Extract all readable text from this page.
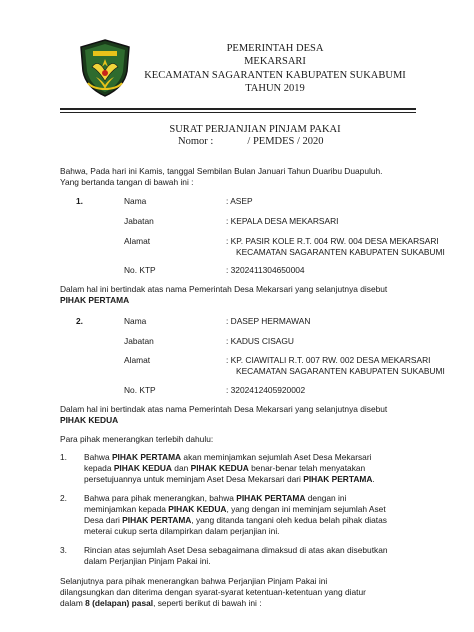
PEMERINTAH DESA
MEKARSARI
KECAMATAN SAGARANTEN KABUPATEN SUKABUMI
TAHUN 2019
SURAT PERJANJIAN PINJAM PAKAI
Nomor :	/ PEMDES / 2020
Bahwa, Pada hari ini Kamis, tanggal Sembilan Bulan Januari Tahun Duaribu Duapuluh.
Yang bertanda tangan di bawah ini :
1.	Nama	: ASEP
Jabatan	: KEPALA DESA MEKARSARI
Alamat	: KP. PASIR KOLE R.T. 004 RW. 004 DESA MEKARSARI
KECAMATAN SAGARANTEN KABUPATEN SUKABUMI
No. KTP	: 3202411304650004
Dalam hal ini bertindak atas nama Pemerintah Desa Mekarsari yang selanjutnya disebut
PIHAK PERTAMA
2.	Nama	: DASEP HERMAWAN
Jabatan	: KADUS CISAGU
Alamat	: KP. CIAWITALI R.T. 007 RW. 002 DESA MEKARSARI
KECAMATAN SAGARANTEN KABUPATEN SUKABUMI
No. KTP	: 3202412405920002
Dalam hal ini bertindak atas nama Pemerintah Desa Mekarsari yang selanjutnya disebut
PIHAK KEDUA
Para pihak menerangkan terlebih dahulu:
1. Bahwa PIHAK PERTAMA akan meminjamkan sejumlah Aset Desa Mekarsari
kepada PIHAK KEDUA dan PIHAK KEDUA benar-benar telah menyatakan
persetujuannya untuk meminjam Aset Desa Mekarsari dari PIHAK PERTAMA.
2. Bahwa para pihak menerangkan, bahwa PIHAK PERTAMA dengan ini
meminjamkan kepada PIHAK KEDUA, yang dengan ini meminjam sejumlah Aset
Desa dari PIHAK PERTAMA, yang ditanda tangani oleh kedua belah pihak diatas
meterai cukup serta dilampirkan dalam perjanjian ini.
3. Rincian atas sejumlah Aset Desa sebagaimana dimaksud di atas akan disebutkan
dalam Perjanjian Pinjam Pakai ini.
Selanjutnya para pihak menerangkan bahwa Perjanjian Pinjam Pakai ini
dilangsungkan dan diterima dengan syarat-syarat ketentuan-ketentuan yang diatur
dalam 8 (delapan) pasal, seperti berikut di bawah ini :
